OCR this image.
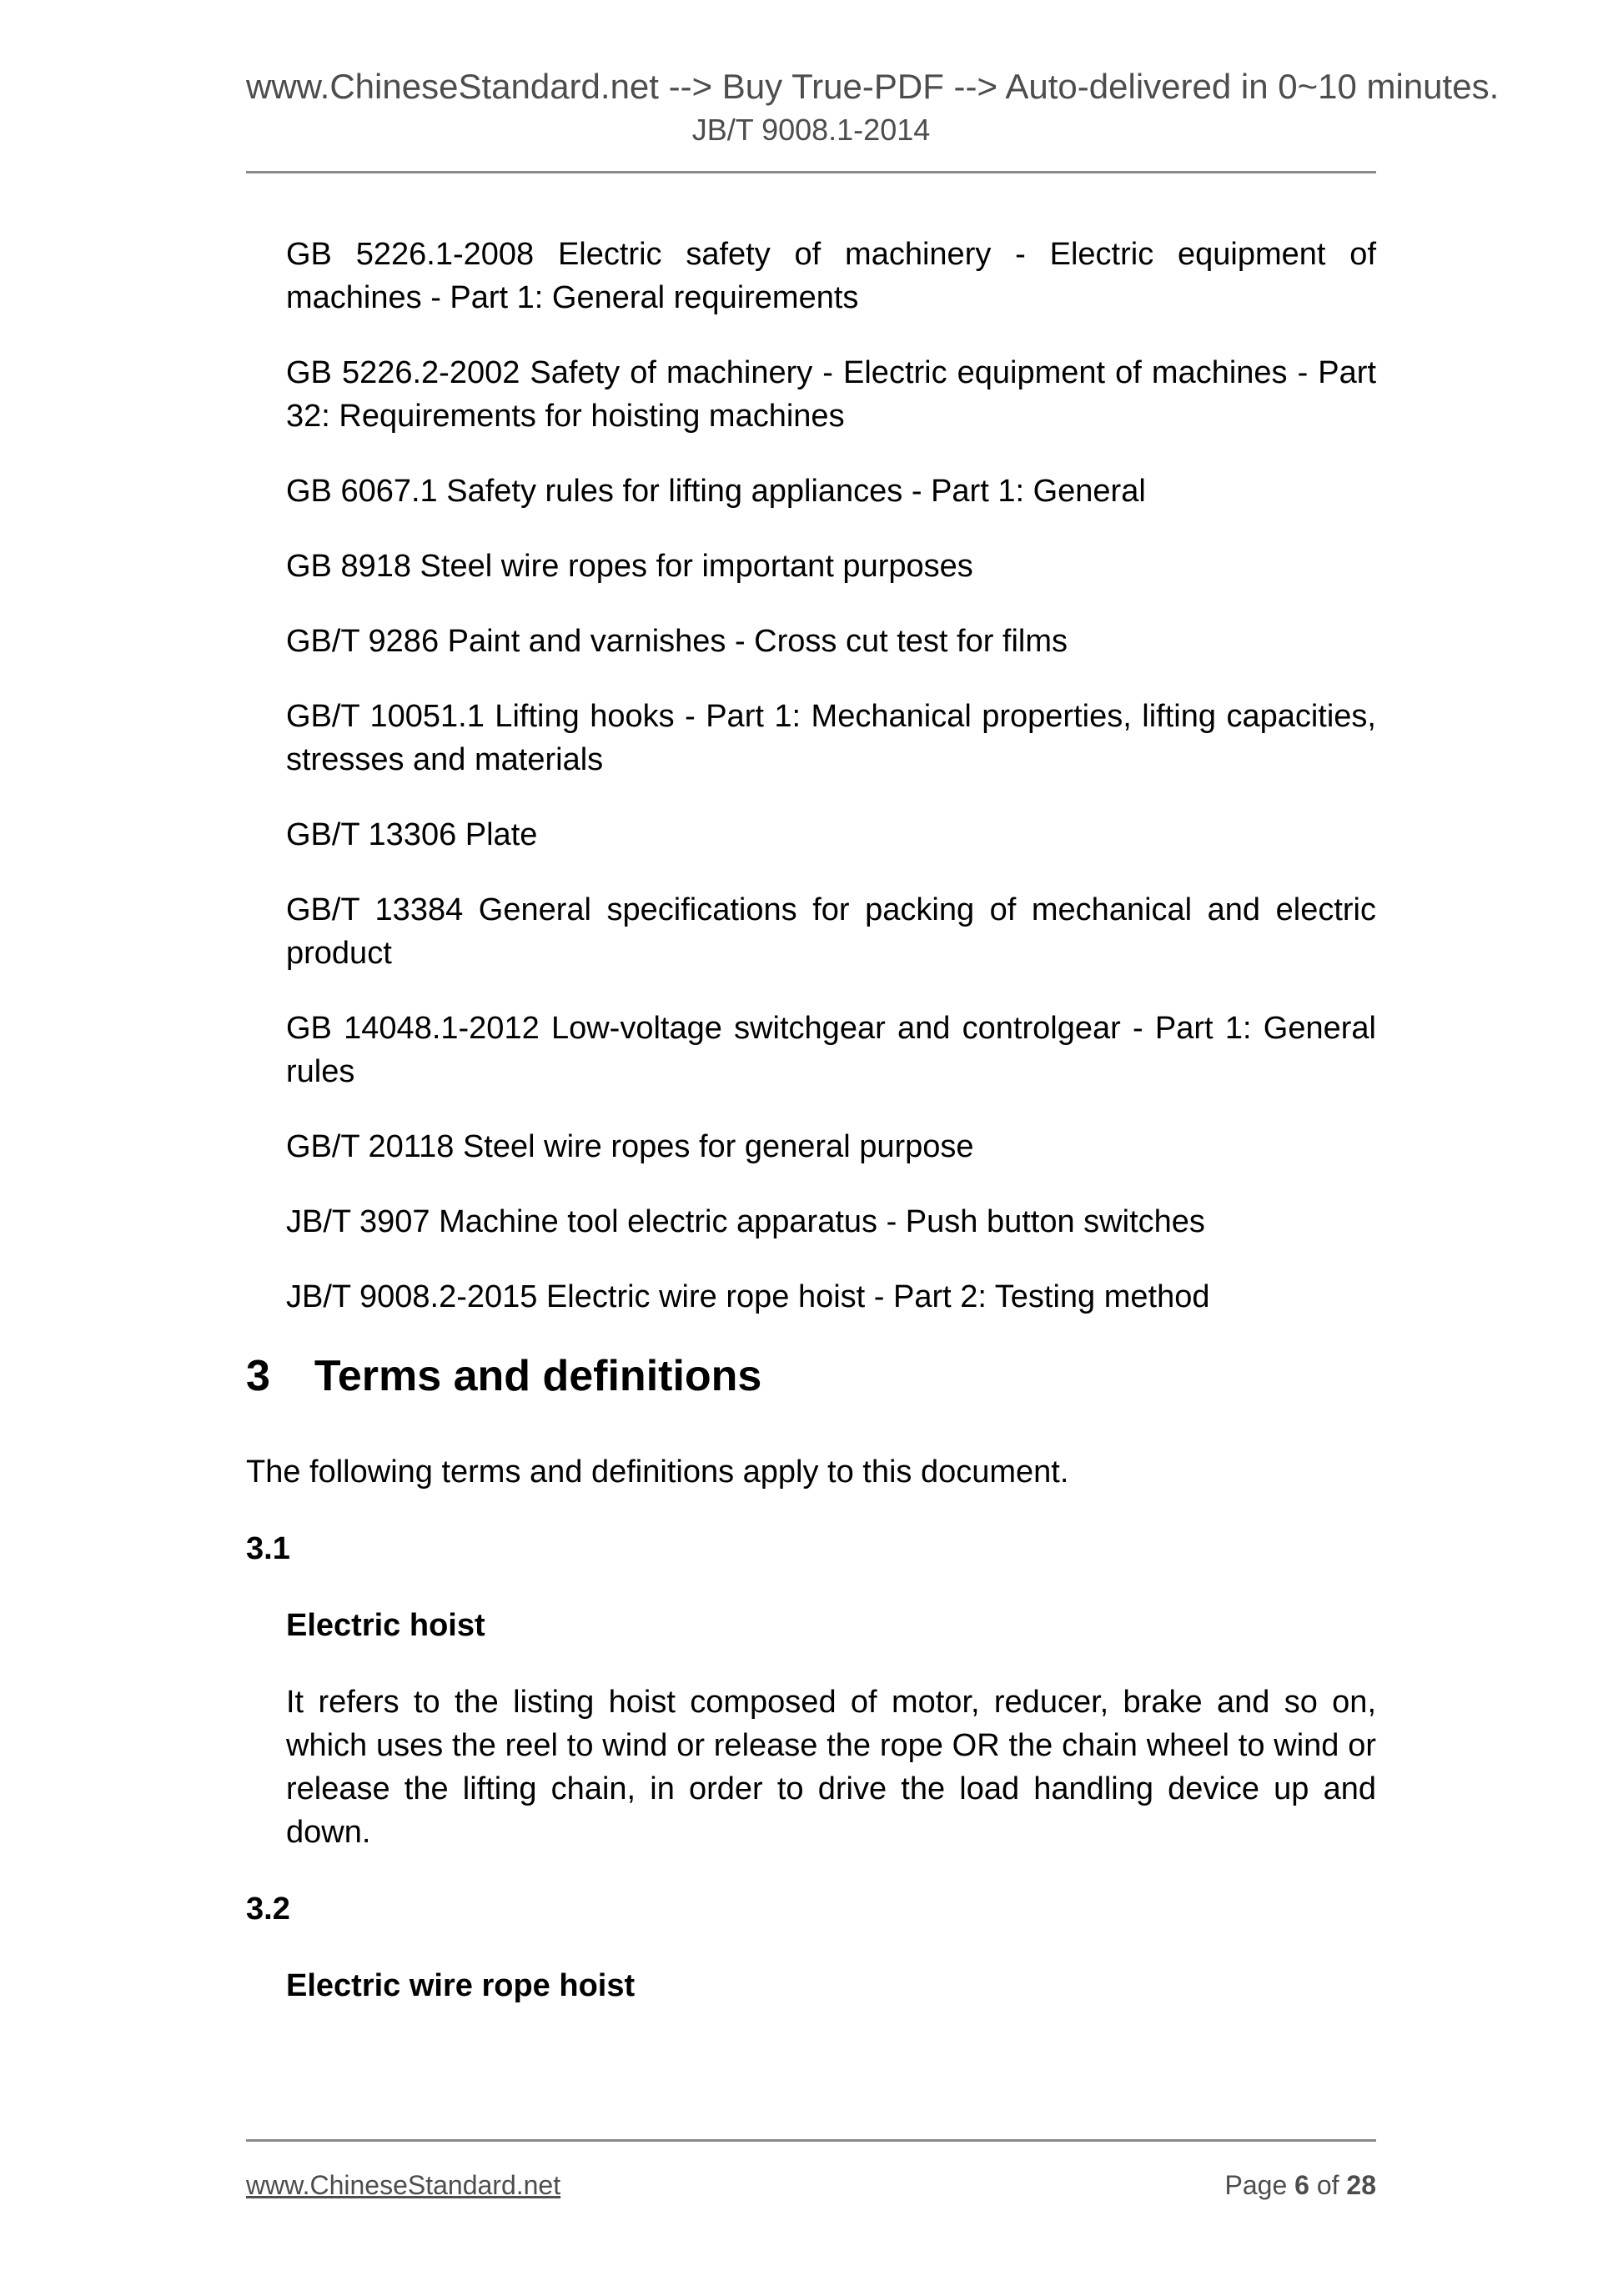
www.ChineseStandard.net --> Buy True-PDF --> Auto-delivered in 0~10 minutes.
JB/T 9008.1-2014

GB 5226.1-2008 Electric safety of machinery - Electric equipment of machines - Part 1: General requirements

GB 5226.2-2002 Safety of machinery - Electric equipment of machines - Part 32: Requirements for hoisting machines

GB 6067.1 Safety rules for lifting appliances - Part 1: General

GB 8918 Steel wire ropes for important purposes

GB/T 9286 Paint and varnishes - Cross cut test for films

GB/T 10051.1 Lifting hooks - Part 1: Mechanical properties, lifting capacities, stresses and materials

GB/T 13306 Plate

GB/T 13384 General specifications for packing of mechanical and electric product

GB 14048.1-2012 Low-voltage switchgear and controlgear - Part 1: General rules

GB/T 20118 Steel wire ropes for general purpose

JB/T 3907 Machine tool electric apparatus - Push button switches

JB/T 9008.2-2015 Electric wire rope hoist - Part 2: Testing method

3 Terms and definitions

The following terms and definitions apply to this document.

3.1
Electric hoist

It refers to the listing hoist composed of motor, reducer, brake and so on, which uses the reel to wind or release the rope OR the chain wheel to wind or release the lifting chain, in order to drive the load handling device up and down.

3.2
Electric wire rope hoist
www.ChineseStandard.net	Page 6 of 28
